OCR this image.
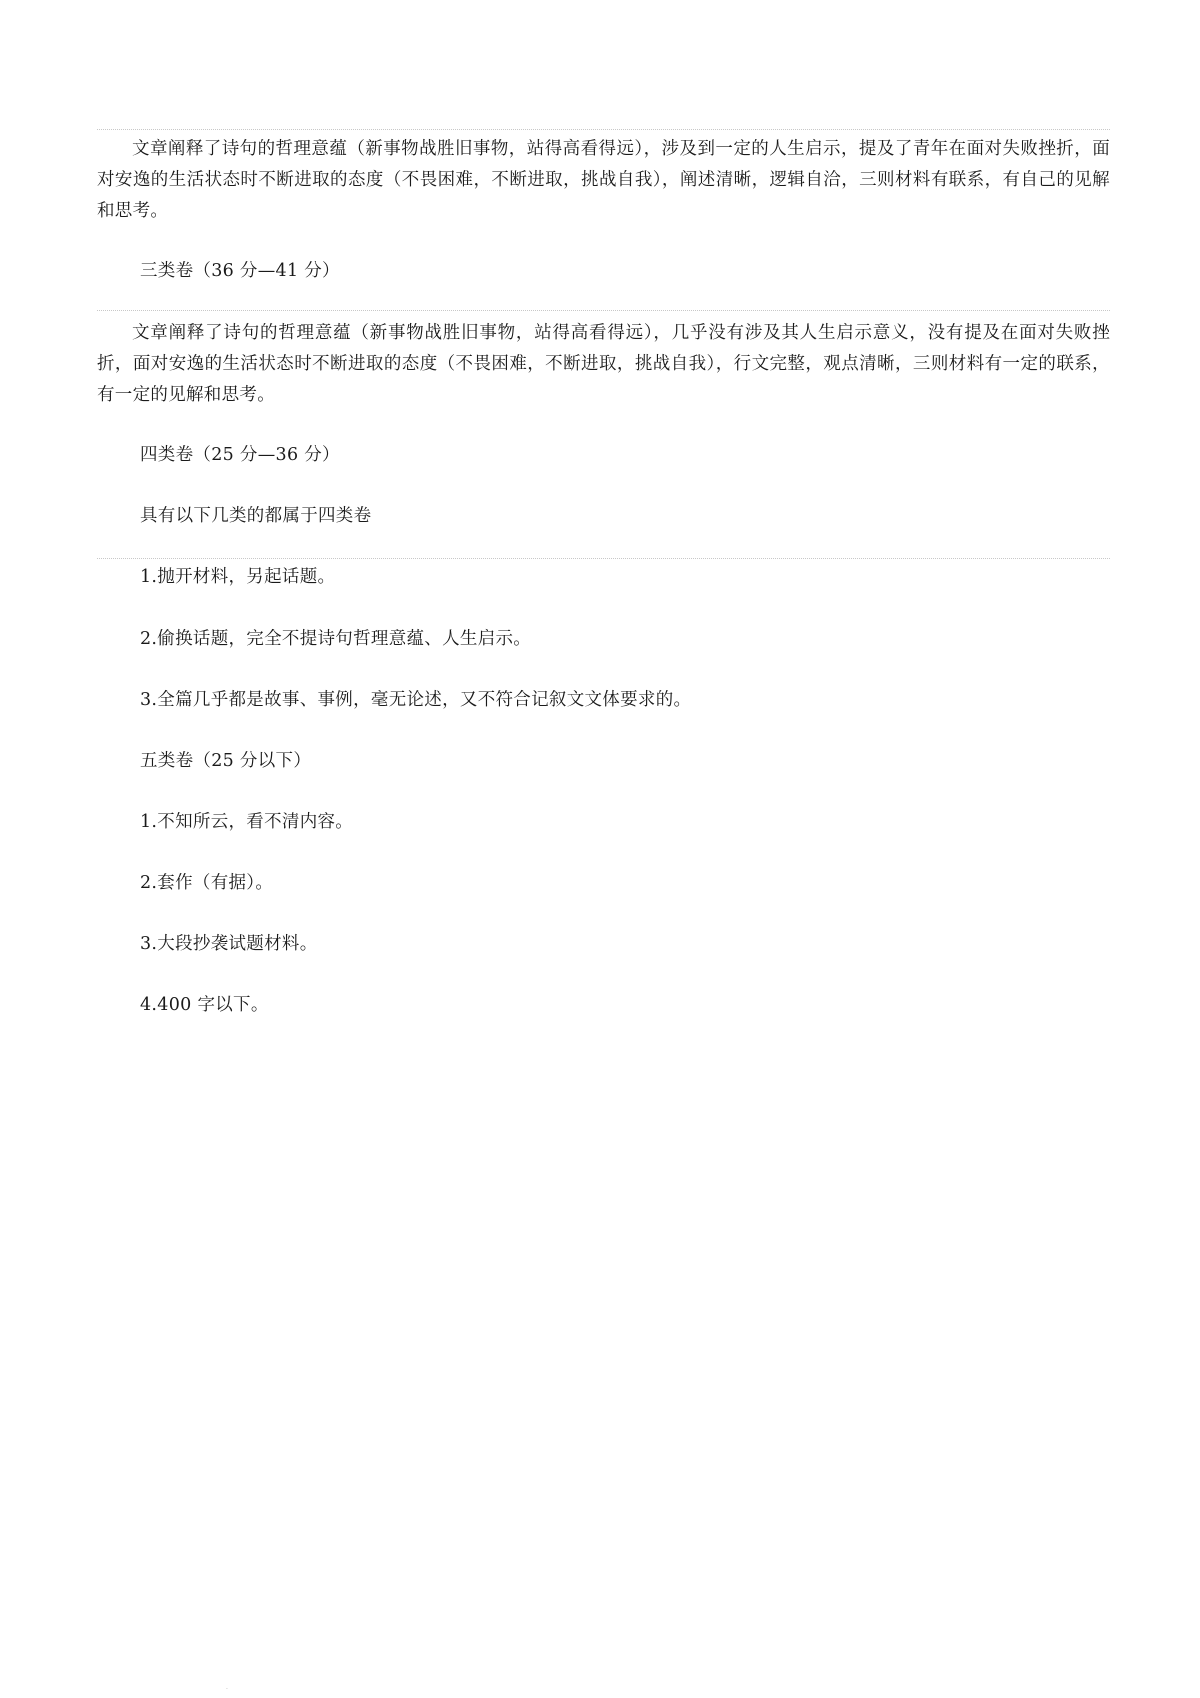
文章阐释了诗句的哲理意蕴（新事物战胜旧事物，站得高看得远），涉及到一定的人生启示，提及了青年在面对失败挫折，面对安逸的生活状态时不断进取的态度（不畏困难，不断进取，挑战自我），阐述清晰，逻辑自洽，三则材料有联系，有自己的见解和思考。

三类卷（36 分—41 分）

文章阐释了诗句的哲理意蕴（新事物战胜旧事物，站得高看得远），几乎没有涉及其人生启示意义，没有提及在面对失败挫折，面对安逸的生活状态时不断进取的态度（不畏困难，不断进取，挑战自我），行文完整，观点清晰，三则材料有一定的联系，有一定的见解和思考。

四类卷（25 分—36 分）

具有以下几类的都属于四类卷

1.抛开材料，另起话题。

2.偷换话题，完全不提诗句哲理意蕴、人生启示。

3.全篇几乎都是故事、事例，毫无论述，又不符合记叙文文体要求的。

五类卷（25 分以下）

1.不知所云，看不清内容。

2.套作（有据）。

3.大段抄袭试题材料。

4.400 字以下。

·
